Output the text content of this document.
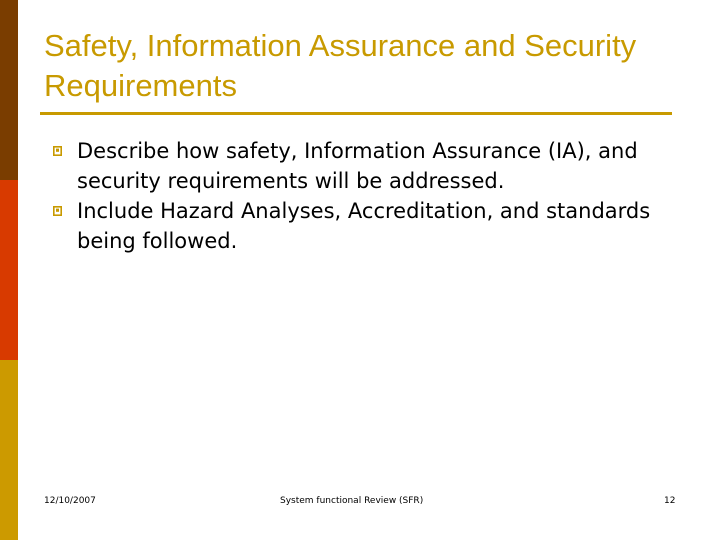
Safety, Information Assurance and Security Requirements
Describe how safety, Information Assurance (IA), and security requirements will be addressed.
Include Hazard Analyses, Accreditation, and standards being followed.
12/10/2007	System functional Review (SFR)	12
